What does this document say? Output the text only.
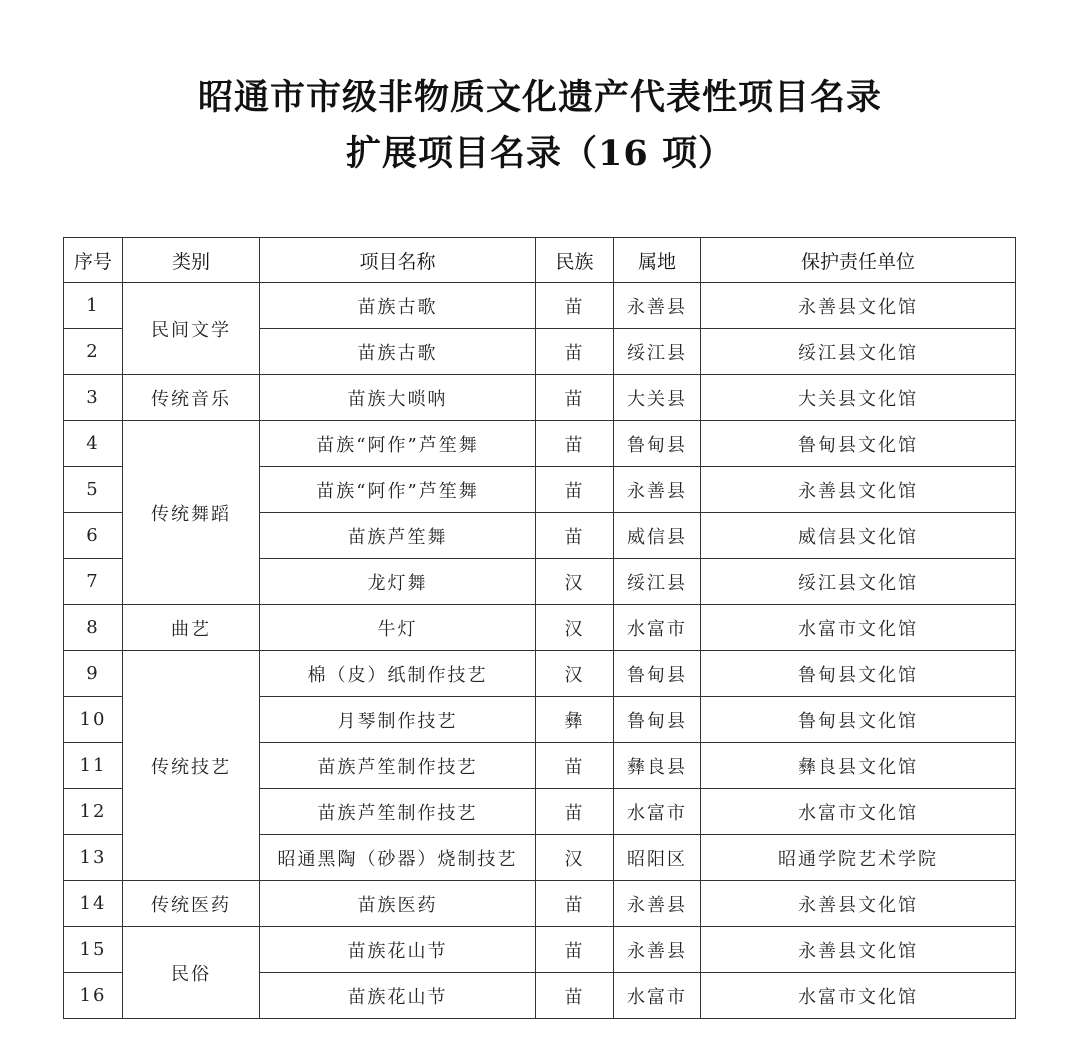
昭通市市级非物质文化遗产代表性项目名录
扩展项目名录（16 项）
序号	类别	项目名称	民族	属地	保护责任单位
1	民间文学	苗族古歌	苗	永善县	永善县文化馆
2		苗族古歌	苗	绥江县	绥江县文化馆
3	传统音乐	苗族大唢呐	苗	大关县	大关县文化馆
4	传统舞蹈	苗族“阿作”芦笙舞	苗	鲁甸县	鲁甸县文化馆
5		苗族“阿作”芦笙舞	苗	永善县	永善县文化馆
6		苗族芦笙舞	苗	威信县	威信县文化馆
7		龙灯舞	汉	绥江县	绥江县文化馆
8	曲艺	牛灯	汉	水富市	水富市文化馆
9	传统技艺	棉（皮）纸制作技艺	汉	鲁甸县	鲁甸县文化馆
10		月琴制作技艺	彝	鲁甸县	鲁甸县文化馆
11		苗族芦笙制作技艺	苗	彝良县	彝良县文化馆
12		苗族芦笙制作技艺	苗	水富市	水富市文化馆
13		昭通黑陶（砂器）烧制技艺	汉	昭阳区	昭通学院艺术学院
14	传统医药	苗族医药	苗	永善县	永善县文化馆
15	民俗	苗族花山节	苗	永善县	永善县文化馆
16		苗族花山节	苗	水富市	水富市文化馆
